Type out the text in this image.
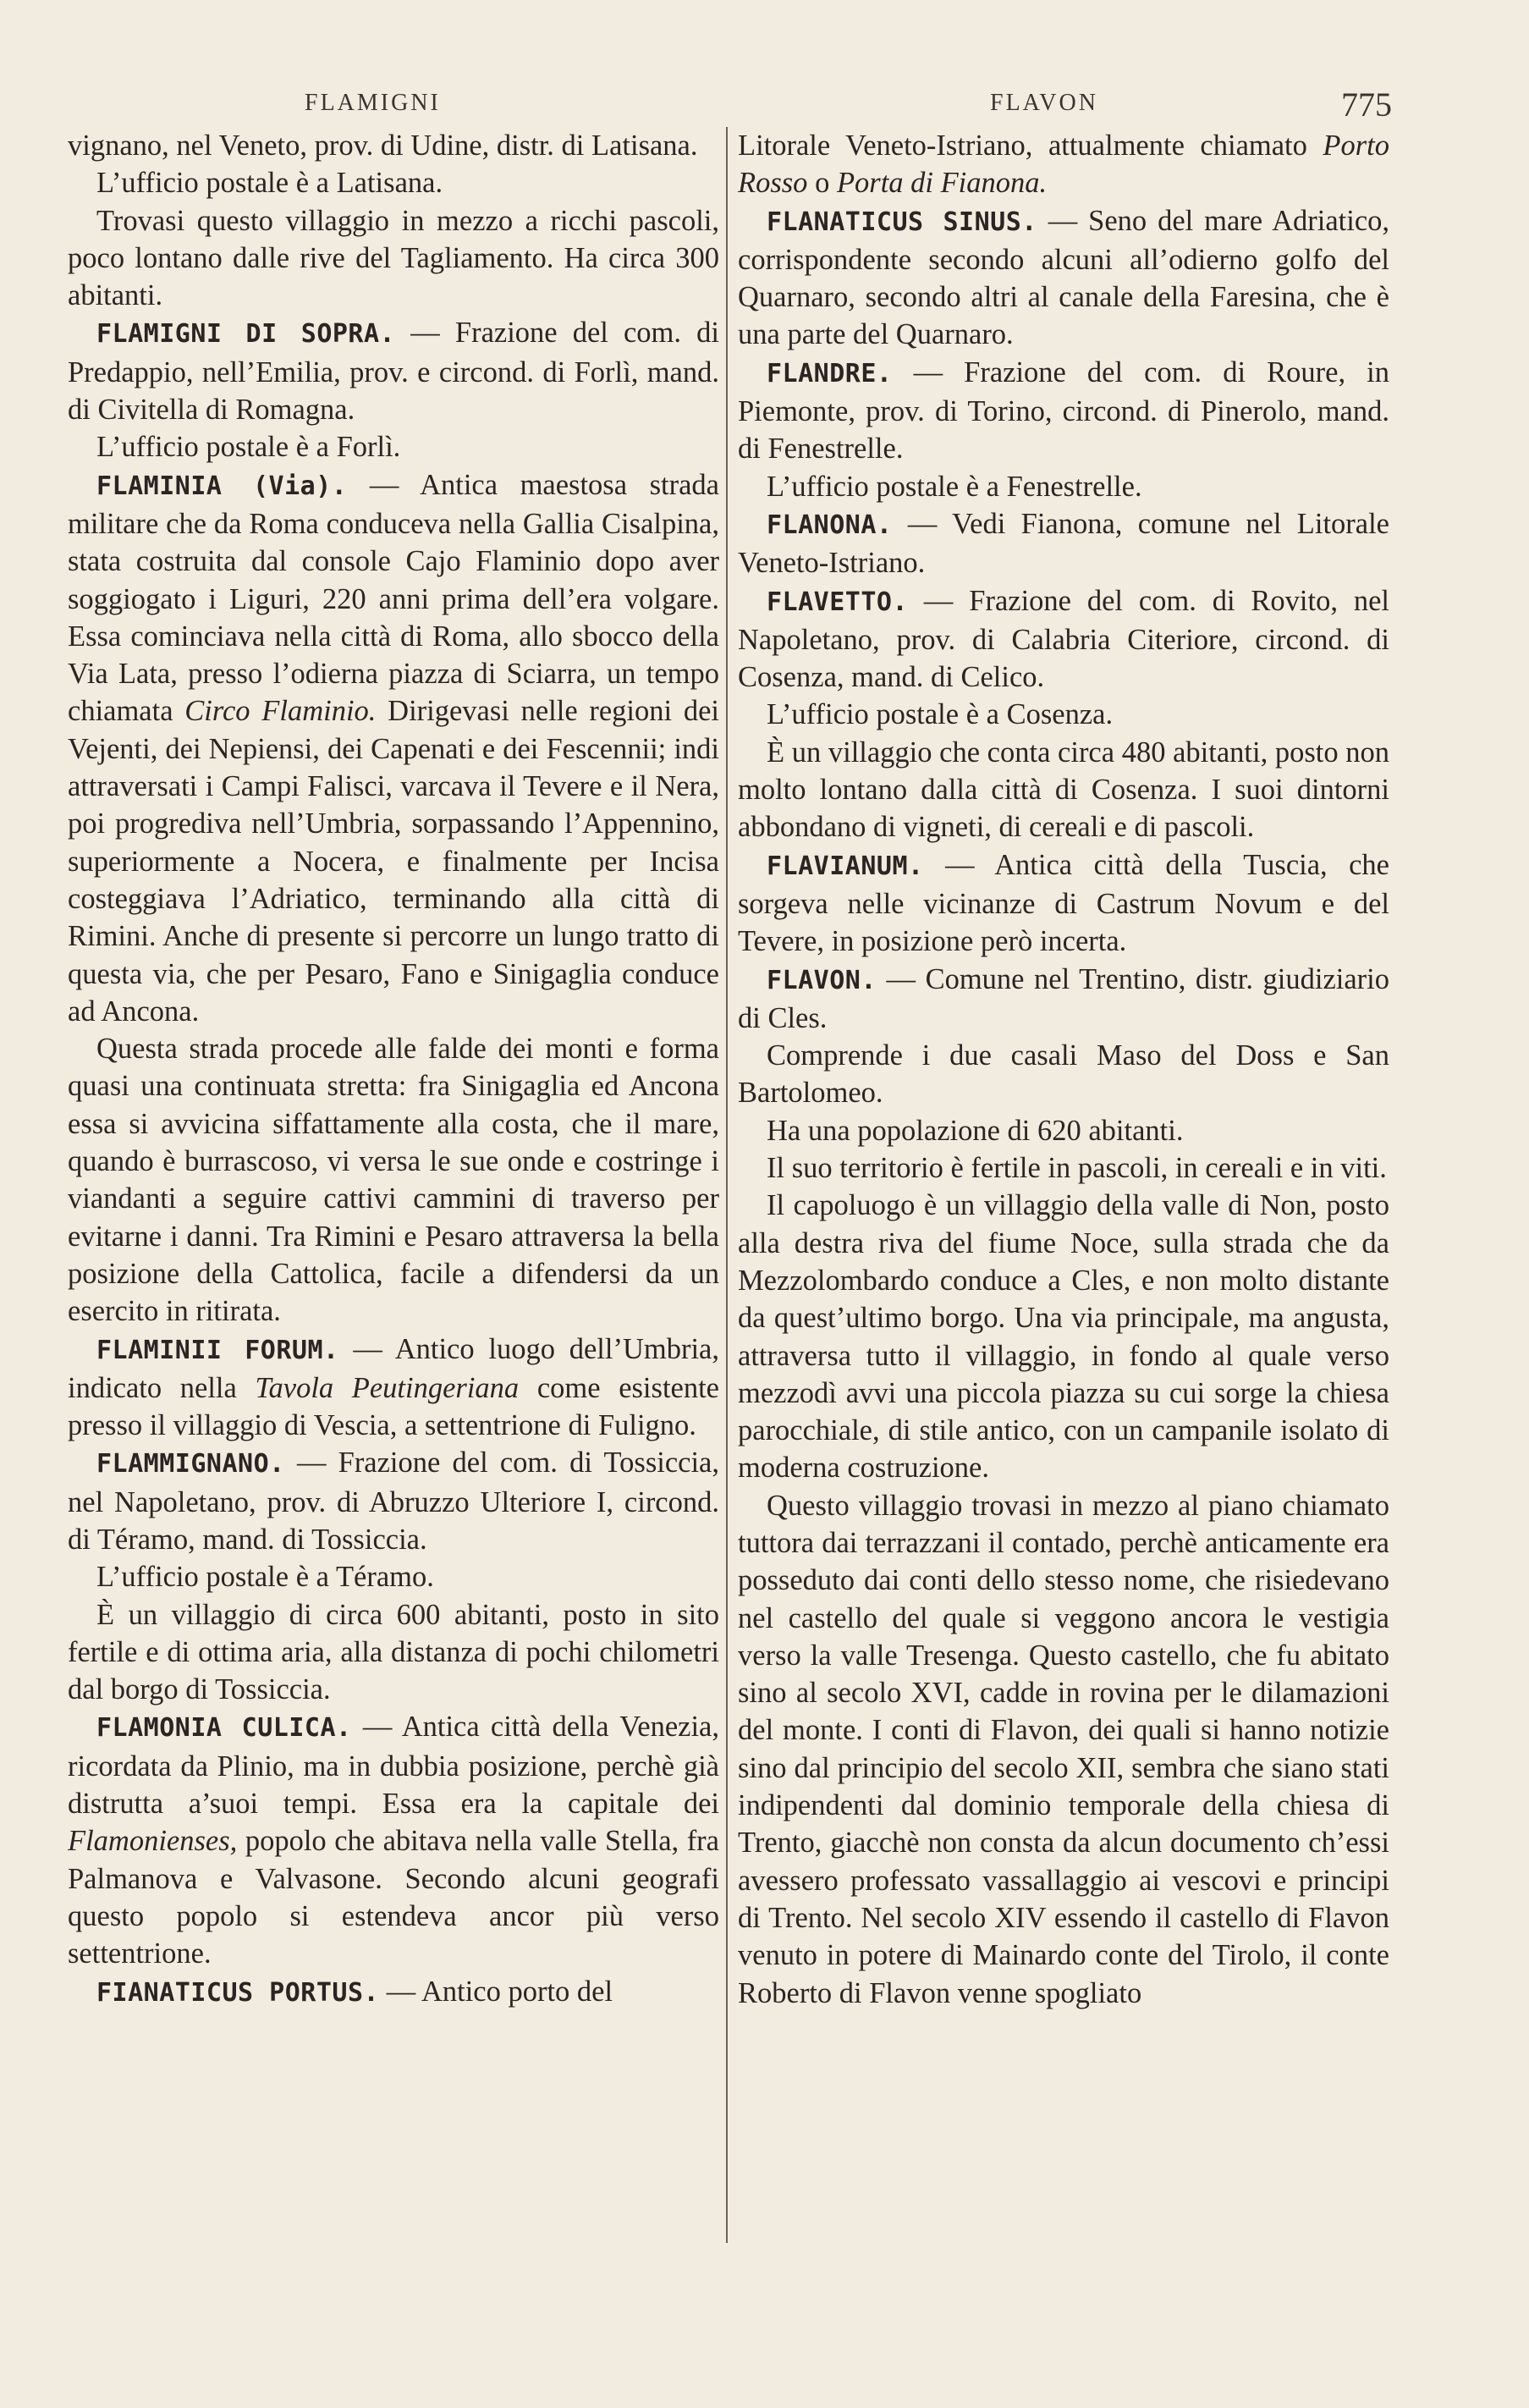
FLAMIGNI	FLAVON	775

vignano, nel Veneto, prov. di Udine, distr. di Latisana.

L’ufficio postale è a Latisana.

Trovasi questo villaggio in mezzo a ricchi pascoli, poco lontano dalle rive del Tagliamento. Ha circa 300 abitanti.

FLAMIGNI DI SOPRA. — Frazione del com. di Predappio, nell’Emilia, prov. e circond. di Forlì, mand. di Civitella di Romagna.

L’ufficio postale è a Forlì.

FLAMINIA (Via). — Antica maestosa strada militare che da Roma conduceva nella Gallia Cisalpina, stata costruita dal console Cajo Flaminio dopo aver soggiogato i Liguri, 220 anni prima dell’era volgare. Essa cominciava nella città di Roma, allo sbocco della Via Lata, presso l’odierna piazza di Sciarra, un tempo chiamata Circo Flaminio. Dirigevasi nelle regioni dei Vejenti, dei Nepiensi, dei Capenati e dei Fescennii; indi attraversati i Campi Falisci, varcava il Tevere e il Nera, poi progrediva nell’Umbria, sorpassando l’Appennino, superiormente a Nocera, e finalmente per Incisa costeggiava l’Adriatico, terminando alla città di Rimini. Anche di presente si percorre un lungo tratto di questa via, che per Pesaro, Fano e Sinigaglia conduce ad Ancona.

Questa strada procede alle falde dei monti e forma quasi una continuata stretta: fra Sinigaglia ed Ancona essa si avvicina siffattamente alla costa, che il mare, quando è burrascoso, vi versa le sue onde e costringe i viandanti a seguire cattivi cammini di traverso per evitarne i danni. Tra Rimini e Pesaro attraversa la bella posizione della Cattolica, facile a difendersi da un esercito in ritirata.

FLAMINII FORUM. — Antico luogo dell’Umbria, indicato nella Tavola Peutingeriana come esistente presso il villaggio di Vescia, a settentrione di Fuligno.

FLAMMIGNANO. — Frazione del com. di Tossiccia, nel Napoletano, prov. di Abruzzo Ulteriore I, circond. di Téramo, mand. di Tossiccia.

L’ufficio postale è a Téramo.

È un villaggio di circa 600 abitanti, posto in sito fertile e di ottima aria, alla distanza di pochi chilometri dal borgo di Tossiccia.

FLAMONIA CULICA. — Antica città della Venezia, ricordata da Plinio, ma in dubbia posizione, perchè già distrutta a’suoi tempi. Essa era la capitale dei Flamonienses, popolo che abitava nella valle Stella, fra Palmanova e Valvasone. Secondo alcuni geografi questo popolo si estendeva ancor più verso settentrione.

FIANATICUS PORTUS. — Antico porto del

Litorale Veneto-Istriano, attualmente chiamato Porto Rosso o Porta di Fianona.

FLANATICUS SINUS. — Seno del mare Adriatico, corrispondente secondo alcuni all’odierno golfo del Quarnaro, secondo altri al canale della Faresina, che è una parte del Quarnaro.

FLANDRE. — Frazione del com. di Roure, in Piemonte, prov. di Torino, circond. di Pinerolo, mand. di Fenestrelle.

L’ufficio postale è a Fenestrelle.

FLANONA. — Vedi Fianona, comune nel Litorale Veneto-Istriano.

FLAVETTO. — Frazione del com. di Rovito, nel Napoletano, prov. di Calabria Citeriore, circond. di Cosenza, mand. di Celico.

L’ufficio postale è a Cosenza.

È un villaggio che conta circa 480 abitanti, posto non molto lontano dalla città di Cosenza. I suoi dintorni abbondano di vigneti, di cereali e di pascoli.

FLAVIANUM. — Antica città della Tuscia, che sorgeva nelle vicinanze di Castrum Novum e del Tevere, in posizione però incerta.

FLAVON. — Comune nel Trentino, distr. giudiziario di Cles.

Comprende i due casali Maso del Doss e San Bartolomeo.

Ha una popolazione di 620 abitanti.

Il suo territorio è fertile in pascoli, in cereali e in viti.

Il capoluogo è un villaggio della valle di Non, posto alla destra riva del fiume Noce, sulla strada che da Mezzolombardo conduce a Cles, e non molto distante da quest’ultimo borgo. Una via principale, ma angusta, attraversa tutto il villaggio, in fondo al quale verso mezzodì avvi una piccola piazza su cui sorge la chiesa parocchiale, di stile antico, con un campanile isolato di moderna costruzione.

Questo villaggio trovasi in mezzo al piano chiamato tuttora dai terrazzani il contado, perchè anticamente era posseduto dai conti dello stesso nome, che risiedevano nel castello del quale si veggono ancora le vestigia verso la valle Tresenga. Questo castello, che fu abitato sino al secolo XVI, cadde in rovina per le dilamazioni del monte. I conti di Flavon, dei quali si hanno notizie sino dal principio del secolo XII, sembra che siano stati indipendenti dal dominio temporale della chiesa di Trento, giacchè non consta da alcun documento ch’essi avessero professato vassallaggio ai vescovi e principi di Trento. Nel secolo XIV essendo il castello di Flavon venuto in potere di Mainardo conte del Tirolo, il conte Roberto di Flavon venne spogliato
